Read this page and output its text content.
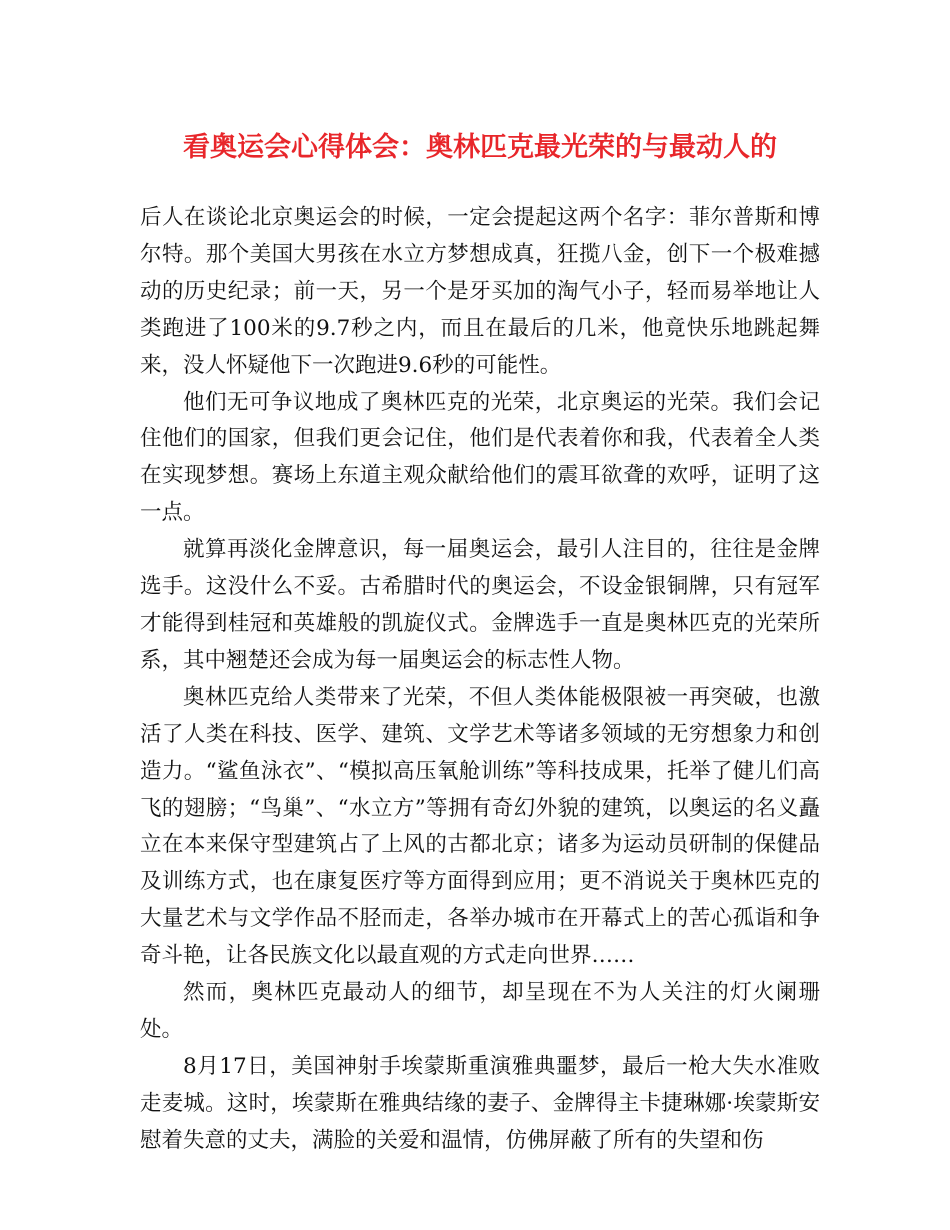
看奥运会心得体会：奥林匹克最光荣的与最动人的

后人在谈论北京奥运会的时候，一定会提起这两个名字：菲尔普斯和博尔特。那个美国大男孩在水立方梦想成真，狂揽八金，创下一个极难撼动的历史纪录；前一天，另一个是牙买加的淘气小子，轻而易举地让人类跑进了100米的9.7秒之内，而且在最后的几米，他竟快乐地跳起舞来，没人怀疑他下一次跑进9.6秒的可能性。

他们无可争议地成了奥林匹克的光荣，北京奥运的光荣。我们会记住他们的国家，但我们更会记住，他们是代表着你和我，代表着全人类在实现梦想。赛场上东道主观众献给他们的震耳欲聋的欢呼，证明了这一点。

就算再淡化金牌意识，每一届奥运会，最引人注目的，往往是金牌选手。这没什么不妥。古希腊时代的奥运会，不设金银铜牌，只有冠军才能得到桂冠和英雄般的凯旋仪式。金牌选手一直是奥林匹克的光荣所系，其中翘楚还会成为每一届奥运会的标志性人物。

奥林匹克给人类带来了光荣，不但人类体能极限被一再突破，也激活了人类在科技、医学、建筑、文学艺术等诸多领域的无穷想象力和创造力。“鲨鱼泳衣”、“模拟高压氧舱训练”等科技成果，托举了健儿们高飞的翅膀；“鸟巢”、“水立方”等拥有奇幻外貌的建筑，以奥运的名义矗立在本来保守型建筑占了上风的古都北京；诸多为运动员研制的保健品及训练方式，也在康复医疗等方面得到应用；更不消说关于奥林匹克的大量艺术与文学作品不胫而走，各举办城市在开幕式上的苦心孤诣和争奇斗艳，让各民族文化以最直观的方式走向世界……

然而，奥林匹克最动人的细节，却呈现在不为人关注的灯火阑珊处。

8月17日，美国神射手埃蒙斯重演雅典噩梦，最后一枪大失水准败走麦城。这时，埃蒙斯在雅典结缘的妻子、金牌得主卡捷琳娜·埃蒙斯安慰着失意的丈夫，满脸的关爱和温情，仿佛屏蔽了所有的失望和伤
